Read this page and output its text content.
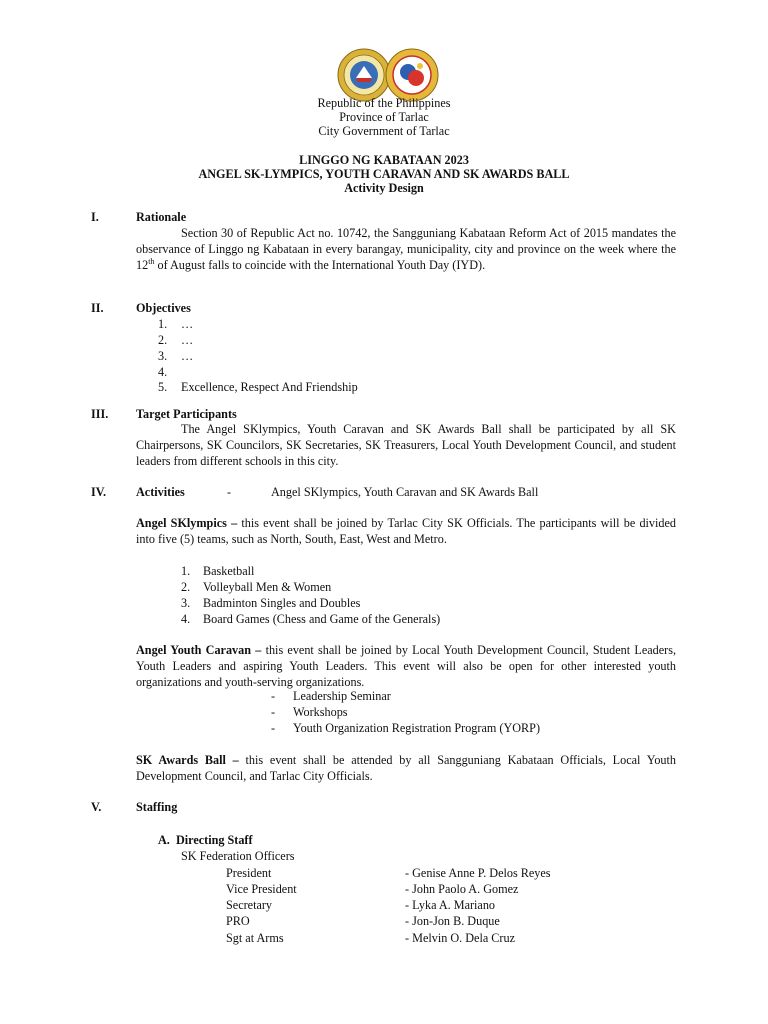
Republic of the Philippines
Province of Tarlac
City Government of Tarlac
LINGGO NG KABATAAN 2023
ANGEL SK-LYMPICS, YOUTH CARAVAN AND SK AWARDS BALL
Activity Design
I.	Rationale
Section 30 of Republic Act no. 10742, the Sangguniang Kabataan Reform Act of 2015 mandates the observance of Linggo ng Kabataan in every barangay, municipality, city and province on the week where the 12th of August falls to coincide with the International Youth Day (IYD).
II.	Objectives
1. …
2. …
3. …
4.
5. Excellence, Respect And Friendship
III. Target Participants
The Angel SKlympics, Youth Caravan and SK Awards Ball shall be participated by all SK Chairpersons, SK Councilors, SK Secretaries, SK Treasurers, Local Youth Development Council, and student leaders from different schools in this city.
IV. Activities	-	Angel SKlympics, Youth Caravan and SK Awards Ball
Angel SKlympics – this event shall be joined by Tarlac City SK Officials. The participants will be divided into five (5) teams, such as North, South, East, West and Metro.
1. Basketball
2. Volleyball Men & Women
3. Badminton Singles and Doubles
4. Board Games (Chess and Game of the Generals)
Angel Youth Caravan – this event shall be joined by Local Youth Development Council, Student Leaders, Youth Leaders and aspiring Youth Leaders. This event will also be open for other interested youth organizations and youth-serving organizations.
- Leadership Seminar
- Workshops
- Youth Organization Registration Program (YORP)
SK Awards Ball – this event shall be attended by all Sangguniang Kabataan Officials, Local Youth Development Council, and Tarlac City Officials.
V.	Staffing
A.  Directing Staff
SK Federation Officers
President	- Genise Anne P. Delos Reyes
Vice President	- John Paolo A. Gomez
Secretary	- Lyka A. Mariano
PRO	- Jon-Jon B. Duque
Sgt at Arms	- Melvin O. Dela Cruz
